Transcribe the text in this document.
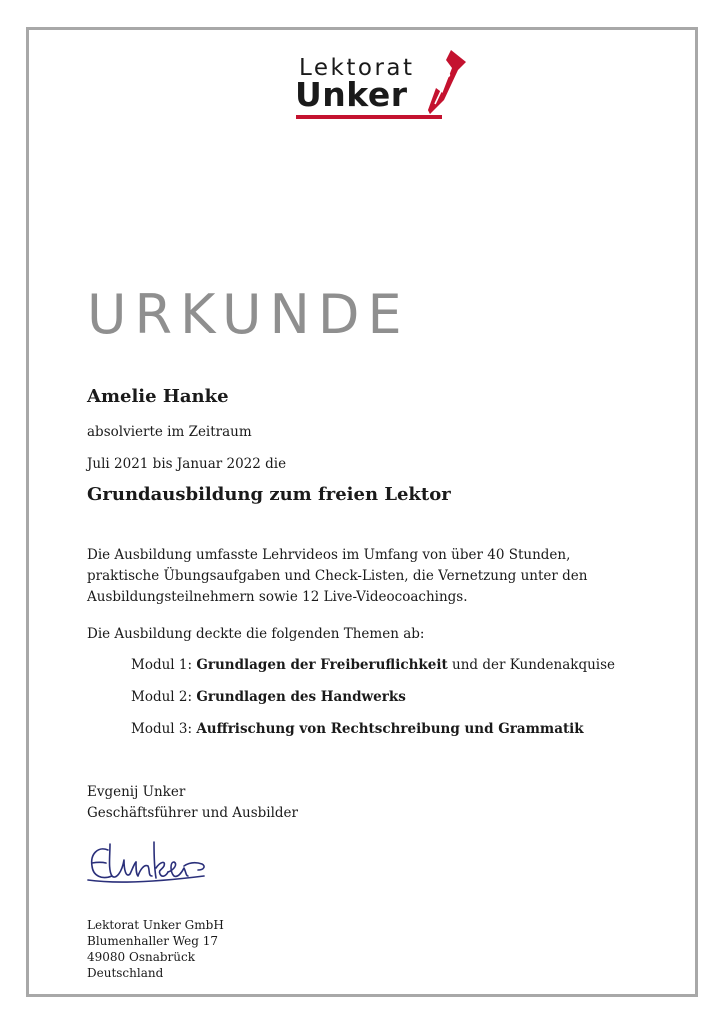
Lektorat
Unker
URKUNDE
Amelie Hanke
absolvierte im Zeitraum
Juli 2021 bis Januar 2022 die
Grundausbildung zum freien Lektor
Die Ausbildung umfasste Lehrvideos im Umfang von über 40 Stunden,
praktische Übungsaufgaben und Check-Listen, die Vernetzung unter den
Ausbildungsteilnehmern sowie 12 Live-Videocoachings.
Die Ausbildung deckte die folgenden Themen ab:
Modul 1: Grundlagen der Freiberuflichkeit und der Kundenakquise
Modul 2: Grundlagen des Handwerks
Modul 3: Auffrischung von Rechtschreibung und Grammatik
Evgenij Unker
Geschäftsführer und Ausbilder
Lektorat Unker GmbH
Blumenhaller Weg 17
49080 Osnabrück
Deutschland
